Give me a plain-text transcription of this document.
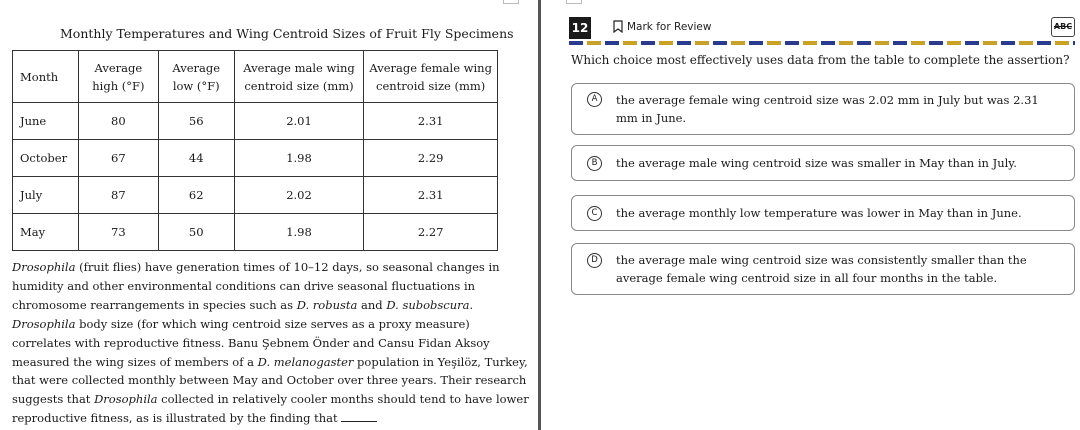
Monthly Temperatures and Wing Centroid Sizes of Fruit Fly Specimens
Month	Average high (°F)	Average low (°F)	Average male wing centroid size (mm)	Average female wing centroid size (mm)
June	80	56	2.01	2.31
October	67	44	1.98	2.29
July	87	62	2.02	2.31
May	73	50	1.98	2.27
Drosophila (fruit flies) have generation times of 10–12 days, so seasonal changes in humidity and other environmental conditions can drive seasonal fluctuations in chromosome rearrangements in species such as D. robusta and D. subobscura. Drosophila body size (for which wing centroid size serves as a proxy measure) correlates with reproductive fitness. Banu Şebnem Önder and Cansu Fidan Aksoy measured the wing sizes of members of a D. melanogaster population in Yeşilöz, Turkey, that were collected monthly between May and October over three years. Their research suggests that Drosophila collected in relatively cooler months should tend to have lower reproductive fitness, as is illustrated by the finding that
12	Mark for Review	ABC
Which choice most effectively uses data from the table to complete the assertion?
A	the average female wing centroid size was 2.02 mm in July but was 2.31 mm in June.
B	the average male wing centroid size was smaller in May than in July.
C	the average monthly low temperature was lower in May than in June.
D	the average male wing centroid size was consistently smaller than the average female wing centroid size in all four months in the table.
